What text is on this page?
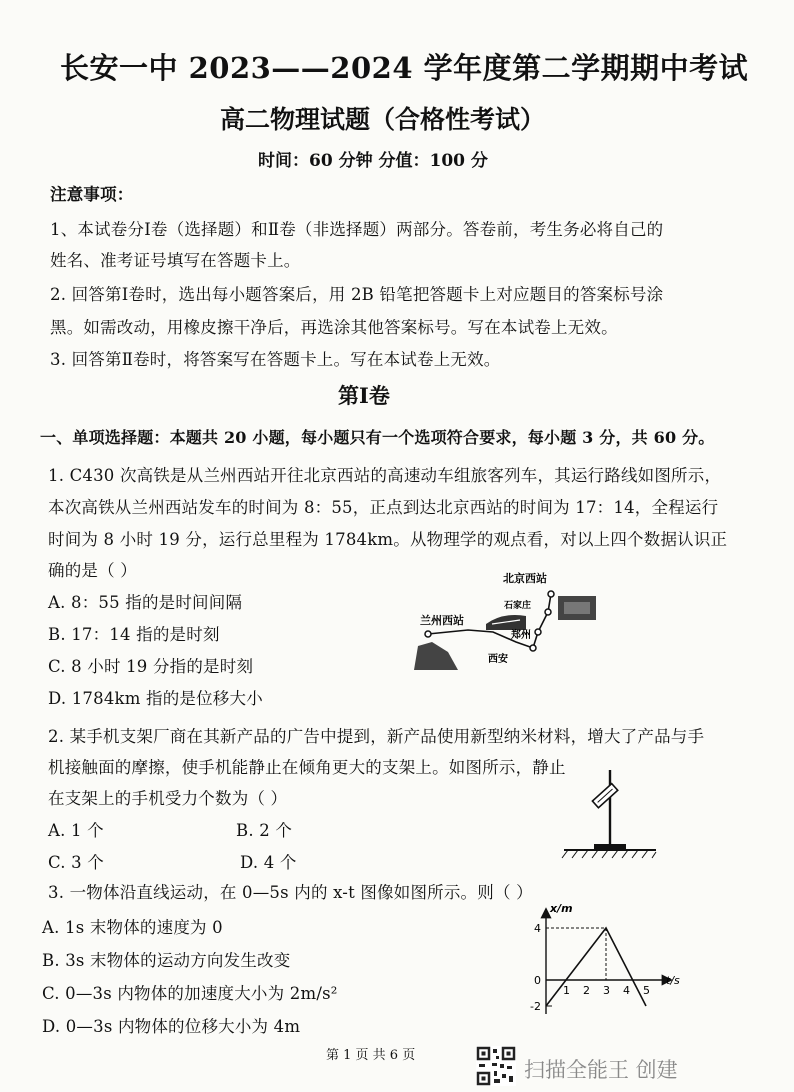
长安一中 2023——2024 学年度第二学期期中考试
高二物理试题（合格性考试）
时间：60 分钟 分值：100 分
注意事项：
1、本试卷分Ⅰ卷（选择题）和Ⅱ卷（非选择题）两部分。答卷前，考生务必将自己的
姓名、准考证号填写在答题卡上。
2. 回答第Ⅰ卷时，选出每小题答案后，用 2B 铅笔把答题卡上对应题目的答案标号涂
黑。如需改动，用橡皮擦干净后，再选涂其他答案标号。写在本试卷上无效。
3. 回答第Ⅱ卷时，将答案写在答题卡上。写在本试卷上无效。
第Ⅰ卷
一、单项选择题：本题共 20 小题，每小题只有一个选项符合要求，每小题 3 分，共 60 分。
1. C430 次高铁是从兰州西站开往北京西站的高速动车组旅客列车，其运行路线如图所示，
本次高铁从兰州西站发车的时间为 8：55，正点到达北京西站的时间为 17：14，全程运行
时间为 8 小时 19 分，运行总里程为 1784km。从物理学的观点看，对以上四个数据认识正
确的是（ ）
A. 8：55 指的是时间间隔
B. 17：14 指的是时刻
C. 8 小时 19 分指的是时刻
D. 1784km 指的是位移大小
北京西站
石家庄
兰州西站
郑州
西安
2. 某手机支架厂商在其新产品的广告中提到，新产品使用新型纳米材料，增大了产品与手
机接触面的摩擦，使手机能静止在倾角更大的支架上。如图所示，静止
在支架上的手机受力个数为（ ）
A. 1 个	B. 2 个
C. 3 个	D. 4 个
3. 一物体沿直线运动，在 0—5s 内的 x-t 图像如图所示。则（ ）
A. 1s 末物体的速度为 0
B. 3s 末物体的运动方向发生改变
C. 0—3s 内物体的加速度大小为 2m/s²
D. 0—3s 内物体的位移大小为 4m
1 2 3 4 5
4
0
-2
t/s
x/m
第 1 页 共 6 页
扫描全能王 创建
